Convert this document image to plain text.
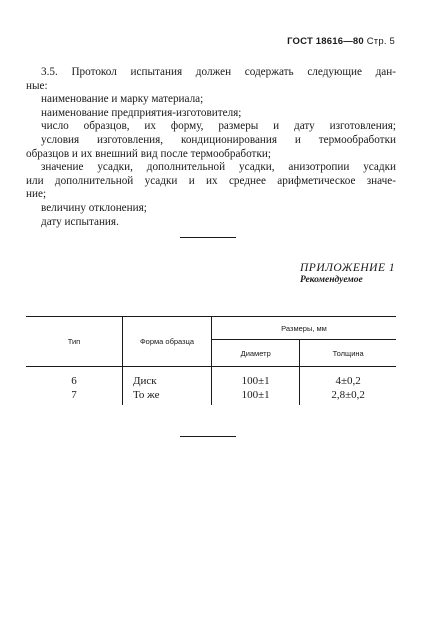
ГОСТ 18616—80 Стр. 5

3.5. Протокол испытания должен содержать следующие дан-

ные:

наименование и марку материала;

наименование предприятия-изготовителя;

число образцов, их форму, размеры и дату изготовления;

условия изготовления, кондиционирования и термообработки

образцов и их внешний вид после термообработки;

значение усадки, дополнительной усадки, анизотропии усадки

или дополнительной усадки и их среднее арифметическое значе-

ние;

величину отклонения;

дату испытания.

ПРИЛОЖЕНИЕ 1
Рекомендуемое
Тип	Форма образца	Размеры, мм	
		Диаметр	Толщина
6	Диск	100±1	4±0,2
7	То же	100±1	2,8±0,2
